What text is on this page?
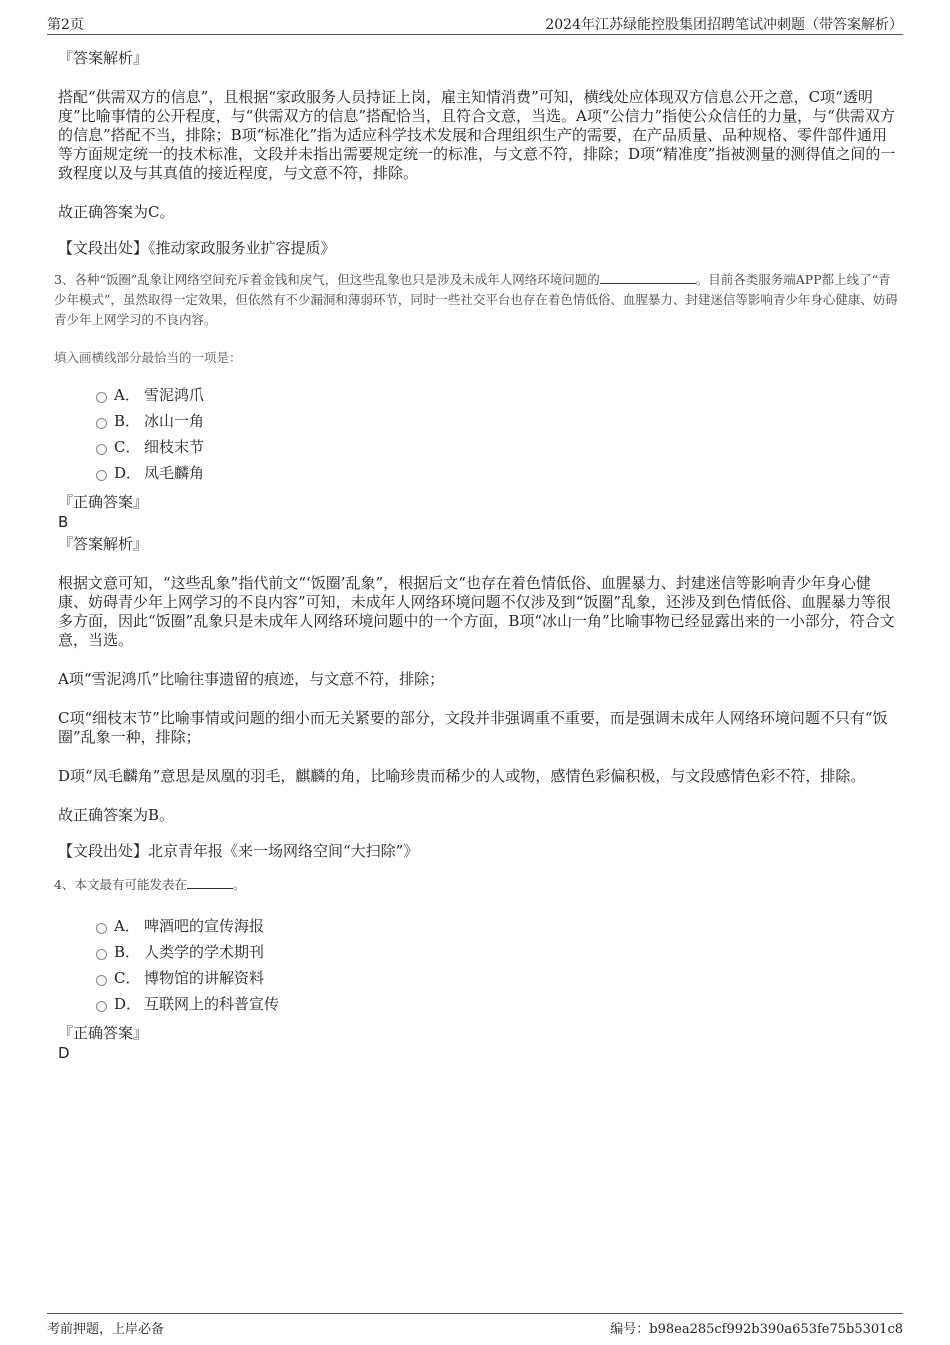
第2页	2024年江苏绿能控股集团招聘笔试冲刺题（带答案解析）

『答案解析』

搭配“供需双方的信息”，且根据“家政服务人员持证上岗，雇主知情消费”可知，横线处应体现双方信息公开之意，C项“透明度”比喻事情的公开程度，与“供需双方的信息”搭配恰当，且符合文意，当选。A项“公信力”指使公众信任的力量，与“供需双方的信息”搭配不当，排除；B项“标准化”指为适应科学技术发展和合理组织生产的需要，在产品质量、品种规格、零件部件通用等方面规定统一的技术标准，文段并未指出需要规定统一的标准，与文意不符，排除；D项“精准度”指被测量的测得值之间的一致程度以及与其真值的接近程度，与文意不符，排除。

故正确答案为C。

【文段出处】《推动家政服务业扩容提质》

3、各种“饭圈”乱象让网络空间充斥着金钱和戾气，但这些乱象也只是涉及未成年人网络环境问题的	。目前各类服务端APP都上线了“青少年模式”，虽然取得一定效果，但依然有不少漏洞和薄弱环节，同时一些社交平台也存在着色情低俗、血腥暴力、封建迷信等影响青少年身心健康、妨碍青少年上网学习的不良内容。

填入画横线部分最恰当的一项是：

A． 雪泥鸿爪
B． 冰山一角
C． 细枝末节
D． 凤毛麟角

『正确答案』

B

『答案解析』

根据文意可知，“这些乱象”指代前文“‘饭圈’乱象”，根据后文“也存在着色情低俗、血腥暴力、封建迷信等影响青少年身心健康、妨碍青少年上网学习的不良内容”可知，未成年人网络环境问题不仅涉及到“饭圈”乱象，还涉及到色情低俗、血腥暴力等很多方面，因此“饭圈”乱象只是未成年人网络环境问题中的一个方面，B项“冰山一角”比喻事物已经显露出来的一小部分，符合文意，当选。

A项“雪泥鸿爪”比喻往事遗留的痕迹，与文意不符，排除；

C项“细枝末节”比喻事情或问题的细小而无关紧要的部分，文段并非强调重不重要，而是强调未成年人网络环境问题不只有“饭圈”乱象一种，排除；

D项“凤毛麟角”意思是凤凰的羽毛，麒麟的角，比喻珍贵而稀少的人或物，感情色彩偏积极，与文段感情色彩不符，排除。

故正确答案为B。

【文段出处】北京青年报《来一场网络空间“大扫除”》

4、本文最有可能发表在	。

A． 啤酒吧的宣传海报
B． 人类学的学术期刊
C． 博物馆的讲解资料
D． 互联网上的科普宣传

『正确答案』

D

考前押题，上岸必备	编号：b98ea285cf992b390a653fe75b5301c8
